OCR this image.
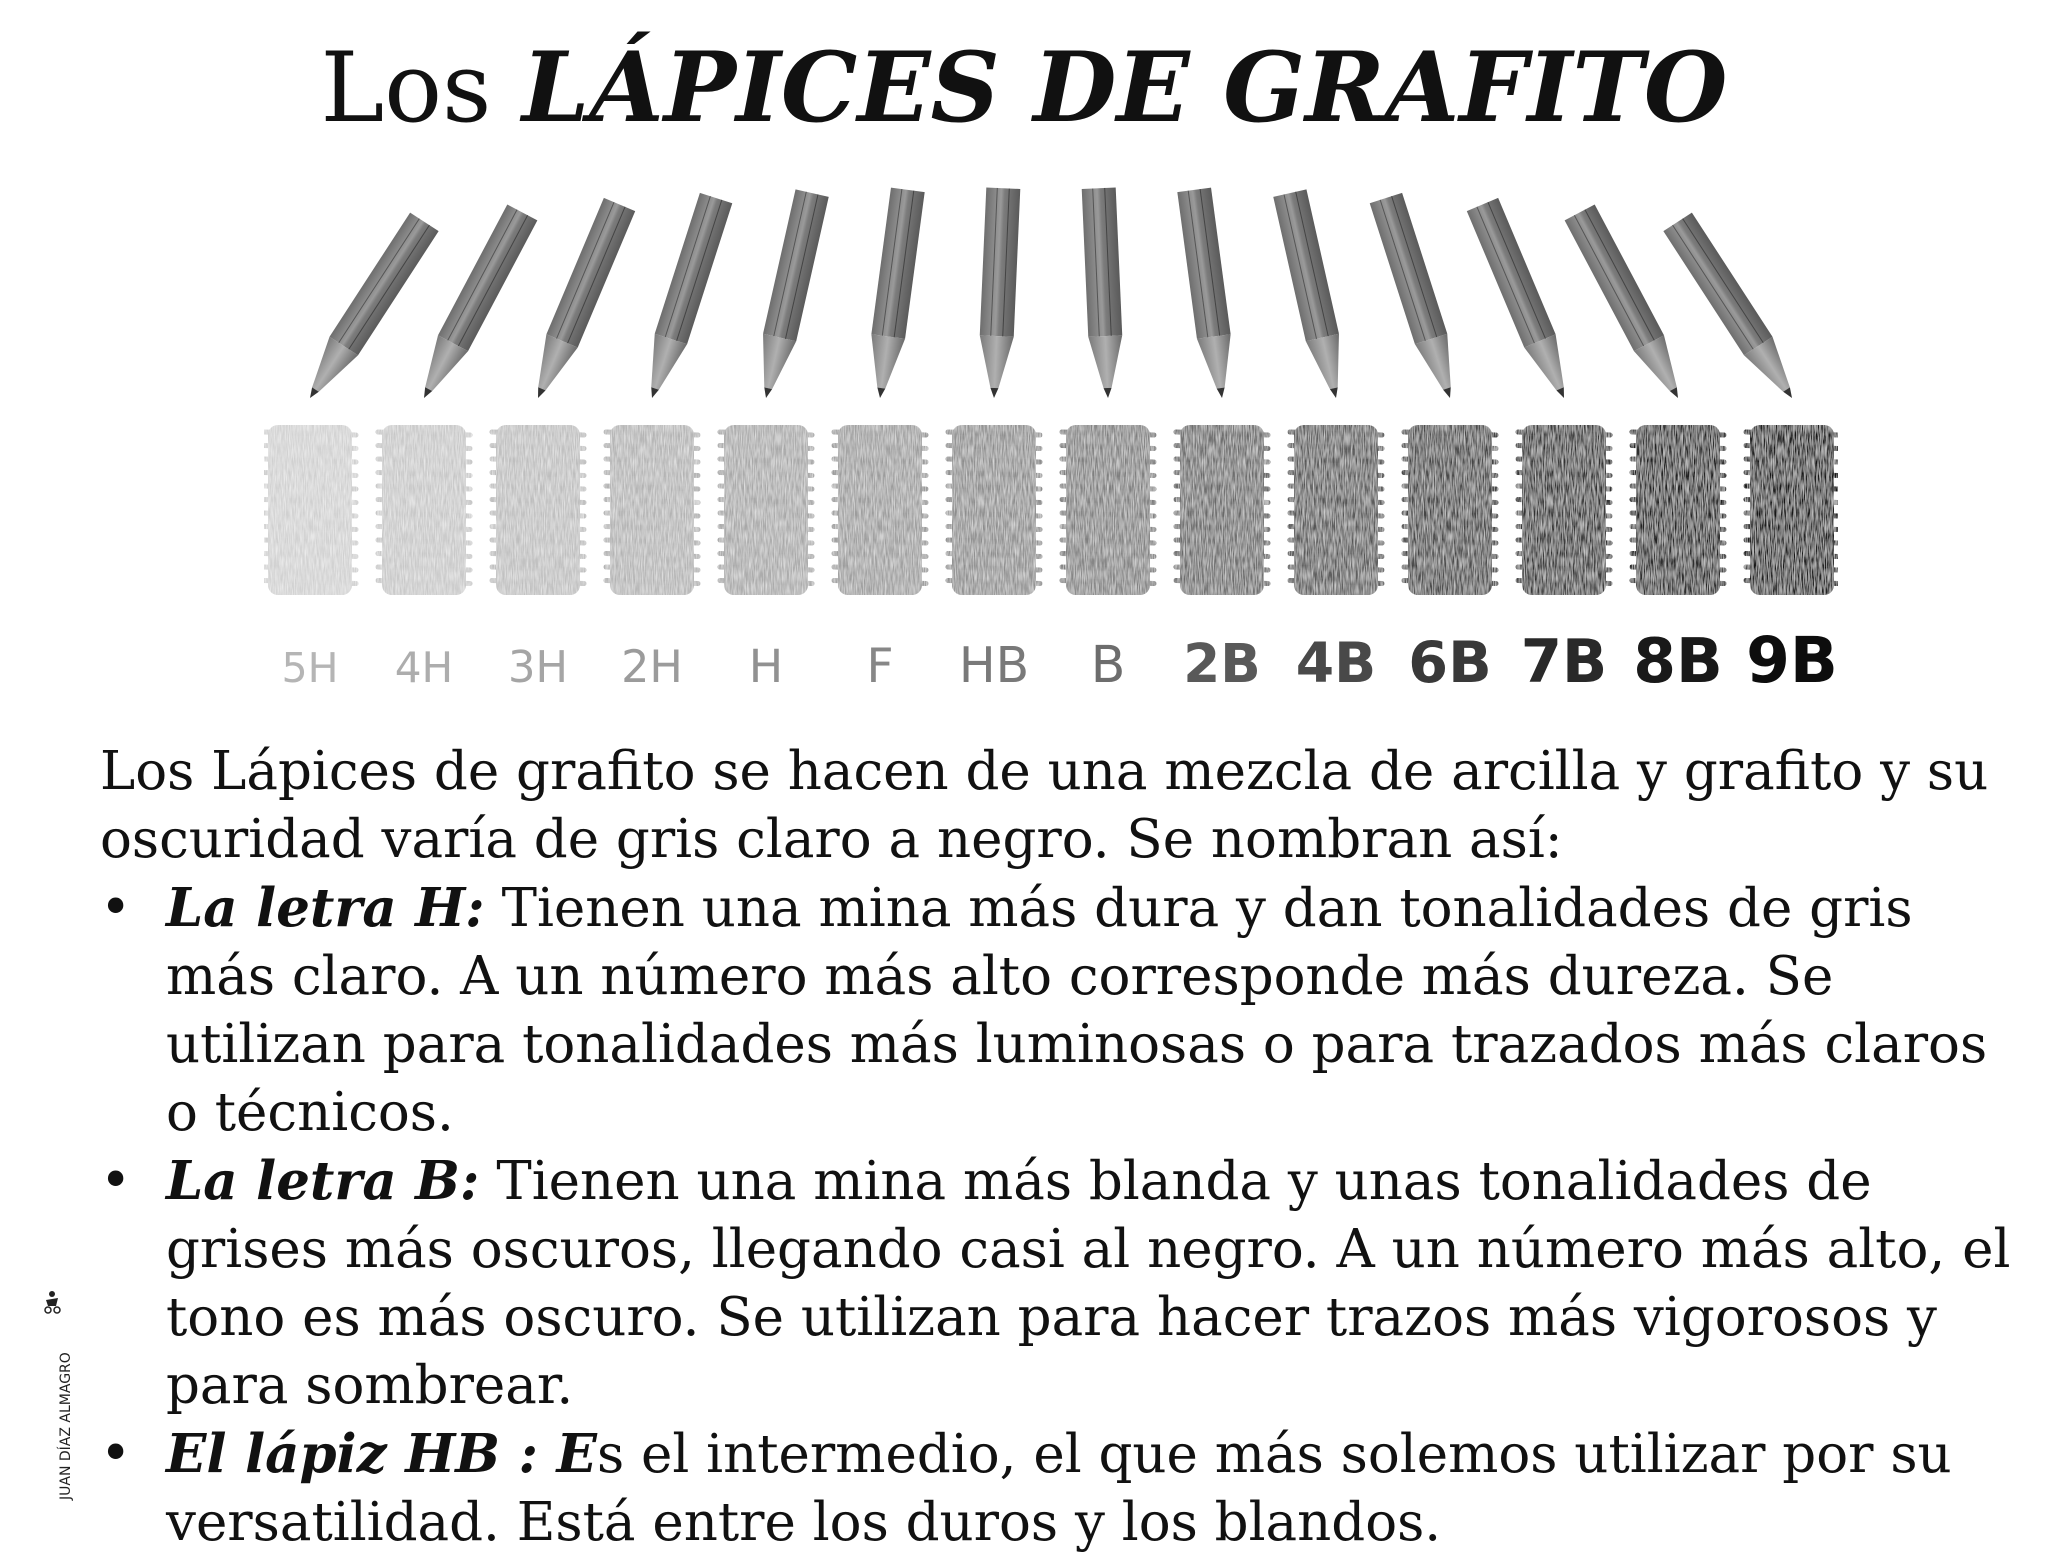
Los LÁPICES DE GRAFITO
5H 4H 3H 2H H F HB B 2B 4B 6B 7B 8B 9B

Los Lápices de grafito se hacen de una mezcla de arcilla y grafito y su oscuridad varía de gris claro a negro. Se nombran así:

• La letra H: Tienen una mina más dura y dan tonalidades de gris más claro. A un número más alto corresponde más dureza. Se utilizan para tonalidades más luminosas o para trazados más claros o técnicos.
• La letra B: Tienen una mina más blanda y unas tonalidades de grises más oscuros, llegando casi al negro. A un número más alto, el tono es más oscuro. Se utilizan para hacer trazos más vigorosos y para sombrear.
• El lápiz HB : Es el intermedio, el que más solemos utilizar por su versatilidad. Está entre los duros y los blandos.
JUAN DÍAZ ALMAGRO
